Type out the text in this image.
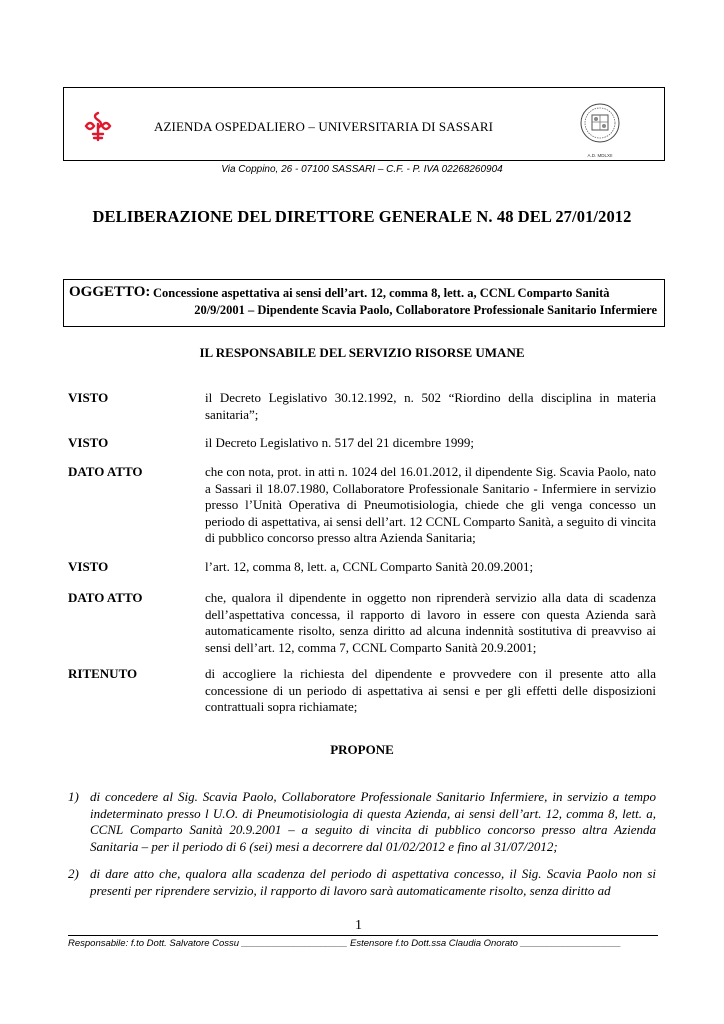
AZIENDA OSPEDALIERO – UNIVERSITARIA DI SASSARI
A.D. MDLXII
Via Coppino, 26 - 07100 SASSARI – C.F. - P. IVA 02268260904
DELIBERAZIONE DEL DIRETTORE GENERALE N. 48 DEL 27/01/2012
OGGETTO: Concessione aspettativa ai sensi dell’art. 12, comma 8, lett. a, CCNL Comparto Sanità
20/9/2001 – Dipendente Scavia Paolo, Collaboratore Professionale Sanitario Infermiere
IL RESPONSABILE DEL SERVIZIO RISORSE UMANE
VISTO	il Decreto Legislativo 30.12.1992, n. 502 “Riordino della disciplina in materia sanitaria”;
VISTO	il Decreto Legislativo n. 517 del 21 dicembre 1999;
DATO ATTO	che con nota, prot. in atti n. 1024 del 16.01.2012, il dipendente Sig. Scavia Paolo, nato a Sassari il 18.07.1980, Collaboratore Professionale Sanitario - Infermiere in servizio presso l’Unità Operativa di Pneumotisiologia, chiede che gli venga concesso un periodo di aspettativa, ai sensi dell’art. 12 CCNL Comparto Sanità, a seguito di vincita di pubblico concorso presso altra Azienda Sanitaria;
VISTO	l’art. 12, comma 8, lett. a, CCNL Comparto Sanità 20.09.2001;
DATO ATTO	che, qualora il dipendente in oggetto non riprenderà servizio alla data di scadenza dell’aspettativa concessa, il rapporto di lavoro in essere con questa Azienda sarà automaticamente risolto, senza diritto ad alcuna indennità sostitutiva di preavviso ai sensi dell’art. 12, comma 7, CCNL Comparto Sanità 20.9.2001;
RITENUTO	di accogliere la richiesta del dipendente e provvedere con il presente atto alla concessione di un periodo di aspettativa ai sensi e per gli effetti delle disposizioni contrattuali sopra richiamate;
PROPONE
1) di concedere al Sig. Scavia Paolo, Collaboratore Professionale Sanitario Infermiere, in servizio a tempo indeterminato presso l U.O. di Pneumotisiologia di questa Azienda, ai sensi dell’art. 12, comma 8, lett. a, CCNL Comparto Sanità 20.9.2001 – a seguito di vincita di pubblico concorso presso altra Azienda Sanitaria – per il periodo di 6 (sei) mesi a decorrere dal 01/02/2012 e fino al 31/07/2012;
2) di dare atto che, qualora alla scadenza del periodo di aspettativa concesso, il Sig. Scavia Paolo non si presenti per riprendere servizio, il rapporto di lavoro sarà automaticamente risolto, senza diritto ad
1
Responsabile: f.to Dott. Salvatore Cossu ____________________ Estensore f.to Dott.ssa Claudia Onorato ___________________
